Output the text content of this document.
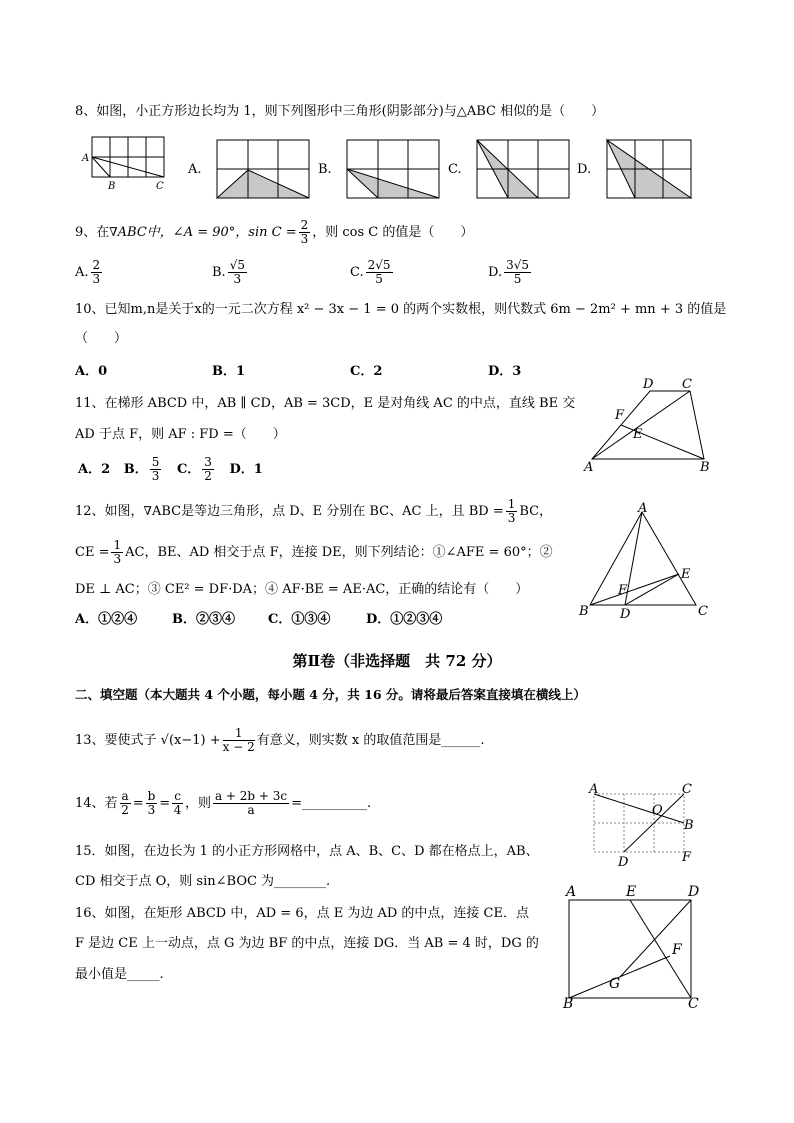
8、如图，小正方形边长均为 1，则下列图形中三角形(阴影部分)与△ABC 相似的是（　　）
A
B	C
A.	B.	C.	D.
9、在∇ABC中，∠A = 90°，$\sin C = \frac{2}{3}$ ，则 cos C 的值是（　　）
A. $\frac{2}{3}$	B. $\frac{√5}{3}$	C. $\frac{2√5}{5}$	D. $\frac{3√5}{5}$
10、已知m,n是关于x的一元二次方程 x² − 3x − 1 = 0 的两个实数根，则代数式 6m − 2m² + mn + 3 的值是
（　　）
A．0	B．1	C．2	D．3
11、在梯形 ABCD 中，AB ∥ CD，AB = 3CD，E 是对角线 AC 的中点，直线 BE 交
AD 于点 F，则 AF : FD =（　　）
A．2 B． $\frac{5}{3}$ C． $\frac{3}{2}$ D．1
D C
F
E
A	B
12、如图，∇ABC是等边三角形，点 D、E 分别在 BC、AC 上，且 BD = $\frac{1}{3}$ BC，
CE = $\frac{1}{3}$ AC，BE、AD 相交于点 F，连接 DE，则下列结论：①∠AFE = 60°；②
DE ⊥ AC；③ CE² = DF·DA；④ AF·BE = AE·AC，正确的结论有（　　）
A．①②④	B．②③④	C．①③④	D．①②③④
A
E
F
B D	C
第Ⅱ卷（非选择题　共 72 分）
二、填空题（本大题共 4 个小题，每小题 4 分，共 16 分。请将最后答案直接填在横线上）
13、要使式子 $√(x-1) + \frac{1}{x - 2}$ 有意义，则实数 x 的取值范围是______.
14、若 $\frac{a}{2} = \frac{b}{3} = \frac{c}{4}$ ，则 $\frac{a + 2b + 3c}{a}$ =__________.
A	C
O
B
D	F
15．如图，在边长为 1 的小正方形网格中，点 A、B、C、D 都在格点上，AB、
CD 相交于点 O，则 sin∠BOC 为________.
16、如图，在矩形 ABCD 中，AD = 6，点 E 为边 AD 的中点，连接 CE．点
F 是边 CE 上一动点，点 G 为边 BF 的中点，连接 DG．当 AB = 4 时，DG 的
最小值是_____.
A	E	D
F
G
B	C
